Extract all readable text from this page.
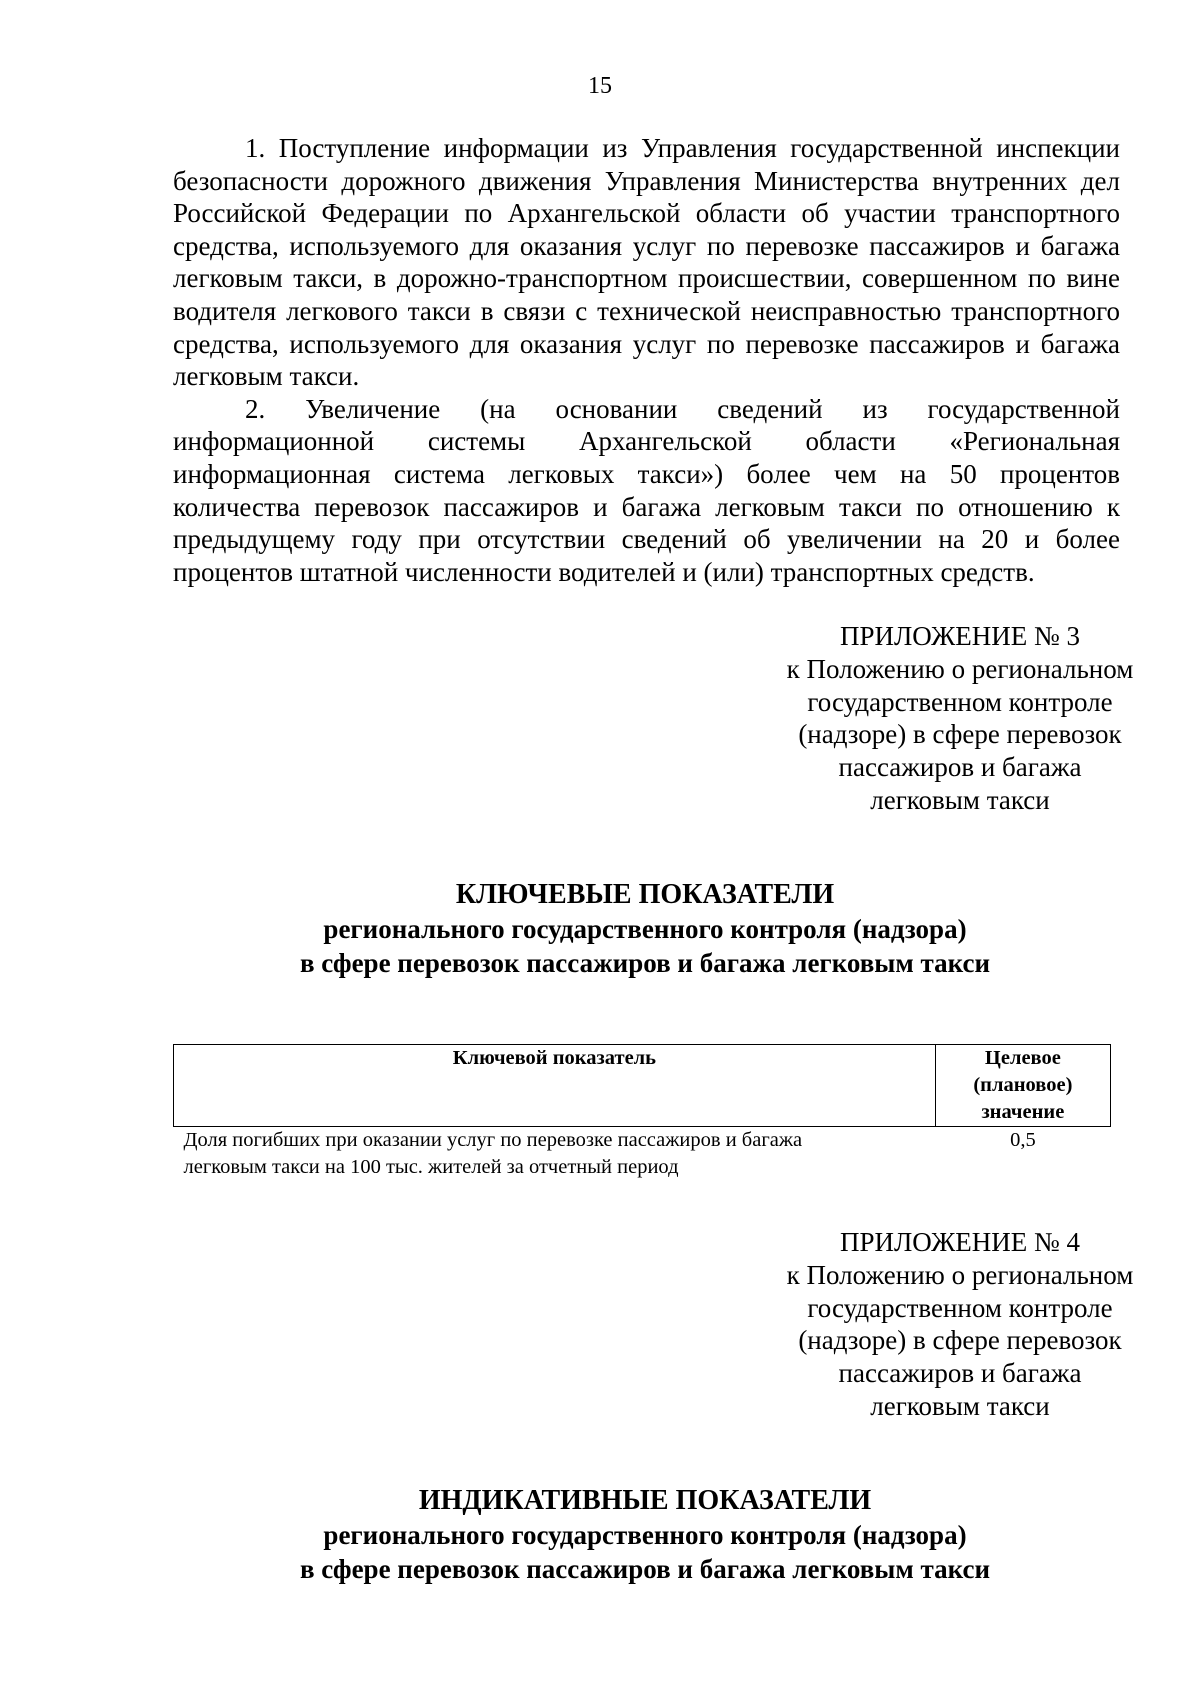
15

1. Поступление информации из Управления государственной инспекции безопасности дорожного движения Управления Министерства внутренних дел Российской Федерации по Архангельской области об участии транспортного средства, используемого для оказания услуг по перевозке пассажиров и багажа легковым такси, в дорожно-транспортном происшествии, совершенном по вине водителя легкового такси в связи с технической неисправностью транспортного средства, используемого для оказания услуг по перевозке пассажиров и багажа легковым такси.

2. Увеличение (на основании сведений из государственной информационной системы Архангельской области «Региональная информационная система легковых такси») более чем на 50 процентов количества перевозок пассажиров и багажа легковым такси по отношению к предыдущему году при отсутствии сведений об увеличении на 20 и более процентов штатной численности водителей и (или) транспортных средств.

ПРИЛОЖЕНИЕ № 3
к Положению о региональном
государственном контроле
(надзоре) в сфере перевозок
пассажиров и багажа
легковым такси
КЛЮЧЕВЫЕ ПОКАЗАТЕЛИ
регионального государственного контроля (надзора)
в сфере перевозок пассажиров и багажа легковым такси
Ключевой показатель	Целевое
(плановое)
значение

Доля погибших при оказании услуг по перевозке пассажиров и багажа
легковым такси на 100 тыс. жителей за отчетный период	0,5
ПРИЛОЖЕНИЕ № 4
к Положению о региональном
государственном контроле
(надзоре) в сфере перевозок
пассажиров и багажа
легковым такси
ИНДИКАТИВНЫЕ ПОКАЗАТЕЛИ
регионального государственного контроля (надзора)
в сфере перевозок пассажиров и багажа легковым такси
